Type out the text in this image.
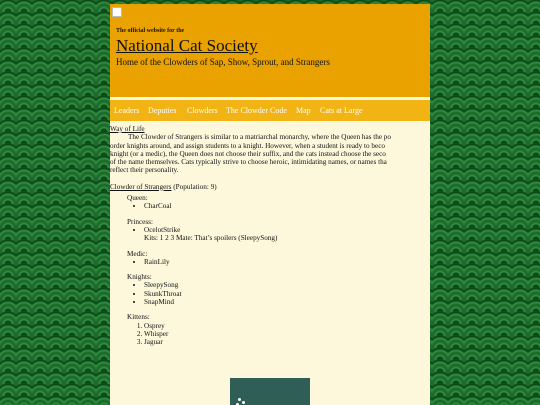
The official website for the
National Cat Society
Home of the Clowders of Sap, Show, Sprout, and Strangers
Leaders Deputies Clowders The Clowder Code Map Cats at Large
Way of Life
The Clowder of Strangers is similar to a matriarchal monarchy, where the Queen has the po
order knights around, and assign students to a knight. However, when a student is ready to beco
knight (or a medic), the Queen does not choose their suffix, and the cats instead choose the seco
of the name themselves. Cats typically strive to choose heroic, intimidating names, or names tha
reflect their personality.
Clowder of Strangers (Population: 9)
Queen:
• CharCoal
Princess:
• OcelotStrike
Kits: 1 2 3 Mate: That’s spoilers (SleepySong)
Medic:
• RainLily
Knights:
• SleepySong
• SkunkThroat
• SnapMind
Kittens:
1. Osprey
2. Whisper
3. Jaguar
